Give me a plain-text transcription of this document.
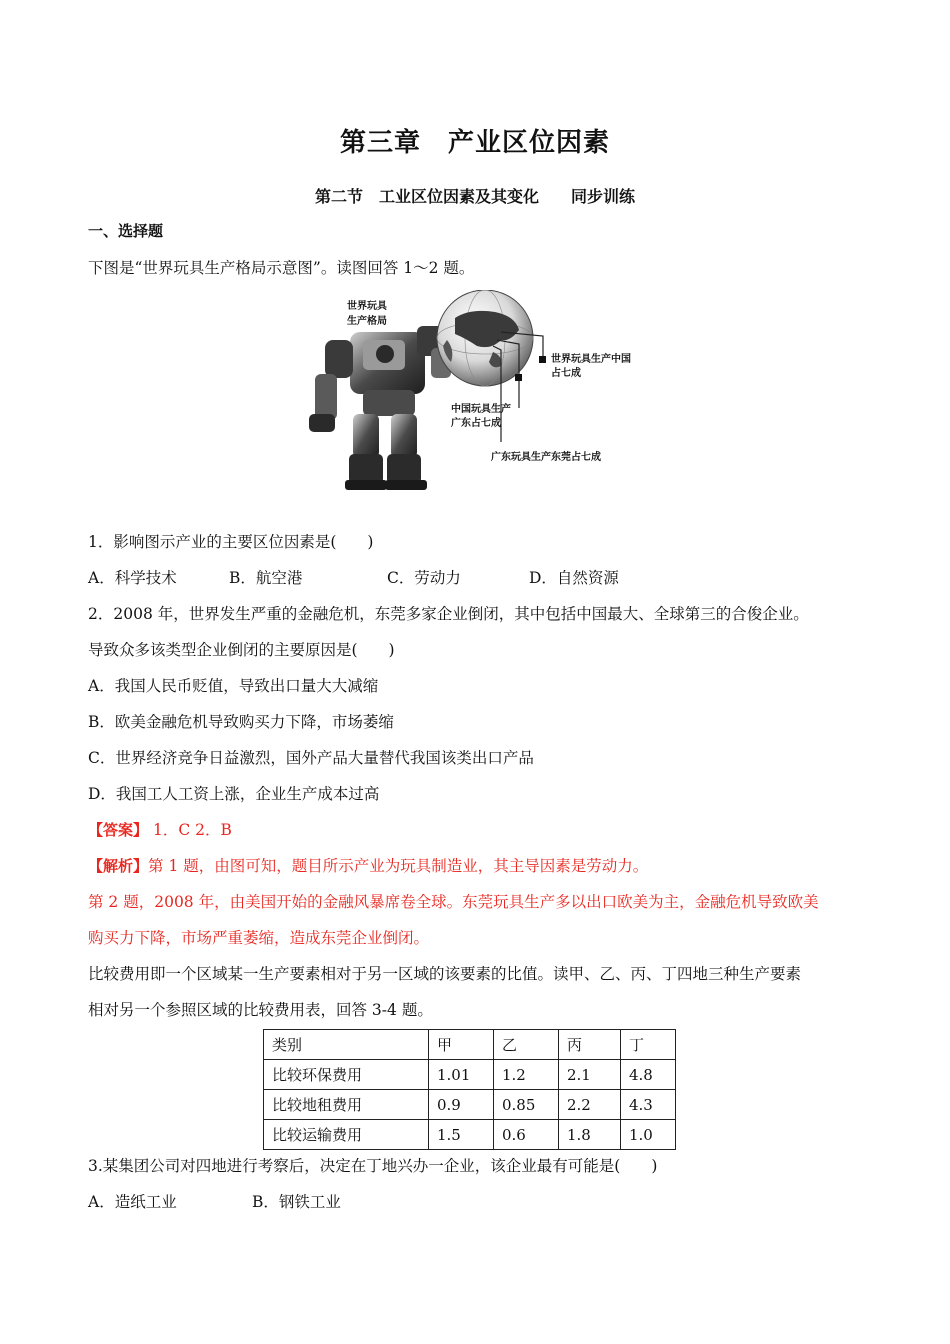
第三章　产业区位因素
第二节　工业区位因素及其变化　　同步训练
一、选择题
下图是“世界玩具生产格局示意图”。读图回答 1～2 题。
世界玩具
生产格局
世界玩具生产中国
占七成
中国玩具生产
广东占七成
广东玩具生产东莞占七成
1．影响图示产业的主要区位因素是(　　)
A．科学技术	B．航空港	C．劳动力	D．自然资源
2．2008 年，世界发生严重的金融危机，东莞多家企业倒闭，其中包括中国最大、全球第三的合俊企业。
导致众多该类型企业倒闭的主要原因是(　　)
A．我国人民币贬值，导致出口量大大减缩
B．欧美金融危机导致购买力下降，市场萎缩
C．世界经济竞争日益激烈，国外产品大量替代我国该类出口产品
D．我国工人工资上涨，企业生产成本过高
【答案】 1．C 2．B
【解析】第 1 题，由图可知，题目所示产业为玩具制造业，其主导因素是劳动力。
第 2 题，2008 年，由美国开始的金融风暴席卷全球。东莞玩具生产多以出口欧美为主，金融危机导致欧美
购买力下降，市场严重萎缩，造成东莞企业倒闭。
比较费用即一个区域某一生产要素相对于另一区域的该要素的比值。读甲、乙、丙、丁四地三种生产要素
相对另一个参照区域的比较费用表，回答 3-4 题。
类别	甲	乙	丙	丁
比较环保费用	1.01	1.2	2.1	4.8
比较地租费用	0.9	0.85	2.2	4.3
比较运输费用	1.5	0.6	1.8	1.0
3.某集团公司对四地进行考察后，决定在丁地兴办一企业，该企业最有可能是(　　)
A．造纸工业	B．钢铁工业
